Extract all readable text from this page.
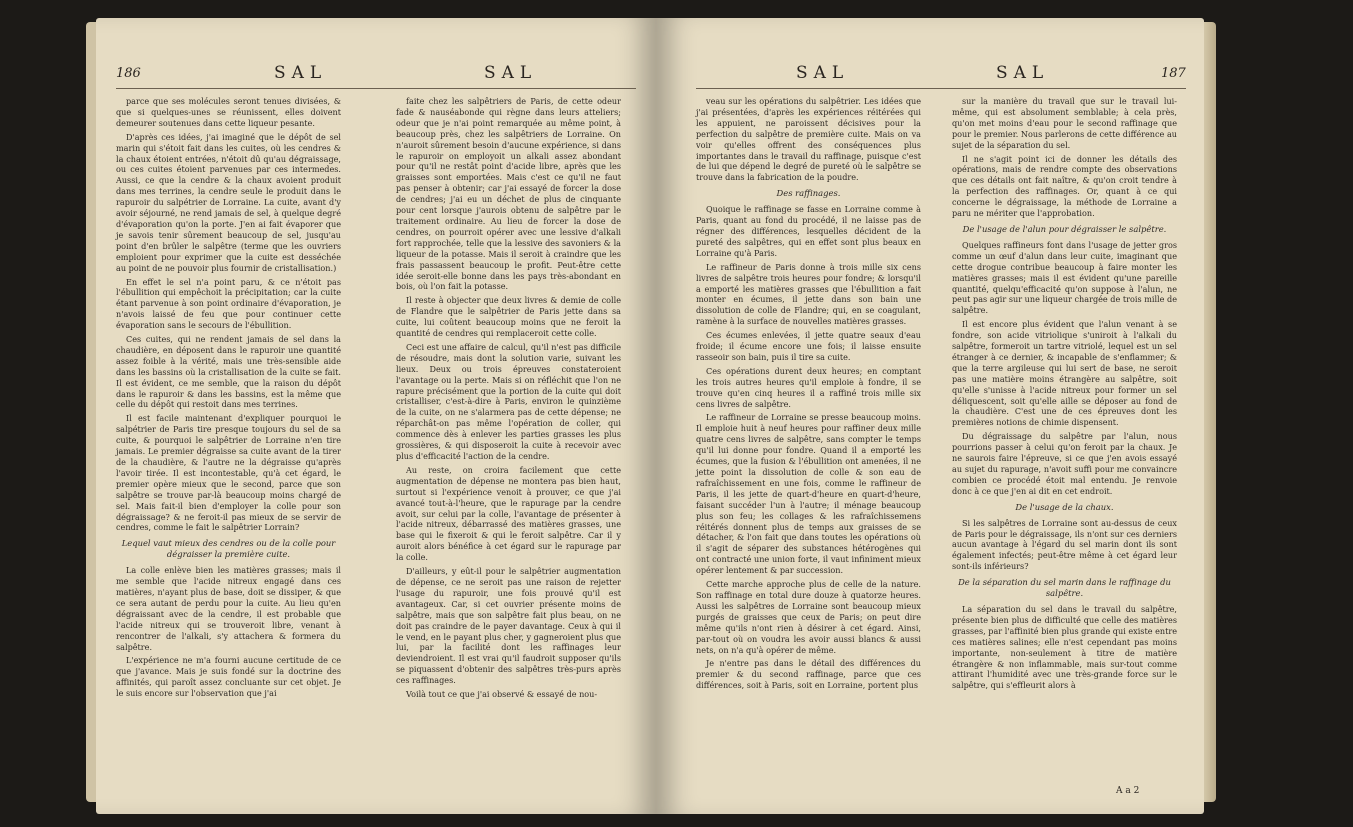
186	SAL	SAL

parce que ses molécules seront tenues divisées, & que si quelques-unes se réunissent, elles doivent demeurer soutenues dans cette liqueur pesante.

D'après ces idées, j'ai imaginé que le dépôt de sel marin qui s'étoit fait dans les cuites, où les cendres & la chaux étoient entrées, n'étoit dû qu'au dégraissage, ou ces cuites étoient parvenues par ces intermedes. Aussi, ce que la cendre & la chaux avoient produit dans mes terrines, la cendre seule le produit dans le rapuroir du salpétrier de Lorraine. La cuite, avant d'y avoir séjourné, ne rend jamais de sel, à quelque degré d'évaporation qu'on la porte. J'en ai fait évaporer que je savois tenir sûrement beaucoup de sel, jusqu'au point d'en brûler le salpêtre (terme que les ouvriers emploient pour exprimer que la cuite est desséchée au point de ne pouvoir plus fournir de cristallisation.)

En effet le sel n'a point paru, & ce n'étoit pas l'ébullition qui empêchoit la précipitation; car la cuite étant parvenue à son point ordinaire d'évaporation, je n'avois laissé de feu que pour continuer cette évaporation sans le secours de l'ébullition.

Ces cuites, qui ne rendent jamais de sel dans la chaudière, en déposent dans le rapuroir une quantité assez foible à la vérité, mais une très-sensible aide dans les bassins où la cristallisation de la cuite se fait. Il est évident, ce me semble, que la raison du dépôt dans le rapuroir & dans les bassins, est la même que celle du dépôt qui restoit dans mes terrines.

Il est facile maintenant d'expliquer pourquoi le salpétrier de Paris tire presque toujours du sel de sa cuite, & pourquoi le salpêtrier de Lorraine n'en tire jamais. Le premier dégraisse sa cuite avant de la tirer de la chaudière, & l'autre ne la dégraisse qu'après l'avoir tirée. Il est incontestable, qu'à cet égard, le premier opère mieux que le second, parce que son salpêtre se trouve par-là beaucoup moins chargé de sel. Mais fait-il bien d'employer la colle pour son dégraissage? & ne feroit-il pas mieux de se servir de cendres, comme le fait le salpêtrier Lorrain?

Lequel vaut mieux des cendres ou de la colle pour dégraisser la première cuite.

La colle enlève bien les matières grasses; mais il me semble que l'acide nitreux engagé dans ces matières, n'ayant plus de base, doit se dissiper, & que ce sera autant de perdu pour la cuite. Au lieu qu'en dégraissant avec de la cendre, il est probable que l'acide nitreux qui se trouveroit libre, venant à rencontrer de l'alkali, s'y attachera & formera du salpêtre.

L'expérience ne m'a fourni aucune certitude de ce que j'avance. Mais je suis fondé sur la doctrine des affinités, qui paroît assez concluante sur cet objet. Je le suis encore sur l'observation que j'ai

faite chez les salpêtriers de Paris, de cette odeur fade & nauséabonde qui règne dans leurs atteliers; odeur que je n'ai point remarquée au même point, à beaucoup près, chez les salpêtriers de Lorraine. On n'auroit sûrement besoin d'aucune expérience, si dans le rapuroir on employoit un alkali assez abondant pour qu'il ne restât point d'acide libre, après que les graisses sont emportées. Mais c'est ce qu'il ne faut pas penser à obtenir; car j'ai essayé de forcer la dose de cendres; j'ai eu un déchet de plus de cinquante pour cent lorsque j'aurois obtenu de salpêtre par le traitement ordinaire. Au lieu de forcer la dose de cendres, on pourroit opérer avec une lessive d'alkali fort rapprochée, telle que la lessive des savoniers & la liqueur de la potasse. Mais il seroit à craindre que les frais passassent beaucoup le profit. Peut-être cette idée seroit-elle bonne dans les pays très-abondant en bois, où l'on fait la potasse.

Il reste à objecter que deux livres & demie de colle de Flandre que le salpêtrier de Paris jette dans sa cuite, lui coûtent beaucoup moins que ne feroit la quantité de cendres qui remplaceroit cette colle.

Ceci est une affaire de calcul, qu'il n'est pas difficile de résoudre, mais dont la solution varie, suivant les lieux. Deux ou trois épreuves constateroient l'avantage ou la perte. Mais si on réfléchit que l'on ne rapure précisément que la portion de la cuite qui doit cristalliser, c'est-à-dire à Paris, environ le quinzième de la cuite, on ne s'alarmera pas de cette dépense; ne réparchât-on pas même l'opération de coller, qui commence dès à enlever les parties grasses les plus grossières, & qui disposeroit la cuite à recevoir avec plus d'efficacité l'action de la cendre.

Au reste, on croira facilement que cette augmentation de dépense ne montera pas bien haut, surtout si l'expérience venoit à prouver, ce que j'ai avancé tout-à-l'heure, que le rapurage par la cendre avoit, sur celui par la colle, l'avantage de présenter à l'acide nitreux, débarrassé des matières grasses, une base qui le fixeroit & qui le feroit salpêtre. Car il y auroit alors bénéfice à cet égard sur le rapurage par la colle.

D'ailleurs, y eût-il pour le salpêtrier augmentation de dépense, ce ne seroit pas une raison de rejetter l'usage du rapuroir, une fois prouvé qu'il est avantageux. Car, si cet ouvrier présente moins de salpêtre, mais que son salpêtre fait plus beau, on ne doit pas craindre de le payer davantage. Ceux à qui il le vend, en le payant plus cher, y gagneroient plus que lui, par la facilité dont les raffinages leur deviendroient. Il est vrai qu'il faudroit supposer qu'ils se piquassent d'obtenir des salpêtres très-purs après ces raffinages.

Voilà tout ce que j'ai observé & essayé de nou-

SAL	SAL	187

veau sur les opérations du salpêtrier. Les idées que j'ai présentées, d'après les expériences réitérées qui les appuient, ne paroissent décisives pour la perfection du salpêtre de première cuite. Mais on va voir qu'elles offrent des conséquences plus importantes dans le travail du raffinage, puisque c'est de lui que dépend le degré de pureté où le salpêtre se trouve dans la fabrication de la poudre.

Des raffinages.

Quoique le raffinage se fasse en Lorraine comme à Paris, quant au fond du procédé, il ne laisse pas de régner des différences, lesquelles décident de la pureté des salpêtres, qui en effet sont plus beaux en Lorraine qu'à Paris.

Le raffineur de Paris donne à trois mille six cens livres de salpêtre trois heures pour fondre; & lorsqu'il a emporté les matières grasses que l'ébullition a fait monter en écumes, il jette dans son bain une dissolution de colle de Flandre; qui, en se coagulant, ramène à la surface de nouvelles matières grasses.

Ces écumes enlevées, il jette quatre seaux d'eau froide; il écume encore une fois; il laisse ensuite rasseoir son bain, puis il tire sa cuite.

Ces opérations durent deux heures; en comptant les trois autres heures qu'il emploie à fondre, il se trouve qu'en cinq heures il a raffiné trois mille six cens livres de salpêtre.

Le raffineur de Lorraine se presse beaucoup moins. Il emploie huit à neuf heures pour raffiner deux mille quatre cens livres de salpêtre, sans compter le temps qu'il lui donne pour fondre. Quand il a emporté les écumes, que la fusion & l'ébullition ont amenées, il ne jette point la dissolution de colle & son eau de rafraîchissement en une fois, comme le raffineur de Paris, il les jette de quart-d'heure en quart-d'heure, faisant succéder l'un à l'autre; il ménage beaucoup plus son feu; les collages & les rafraîchissemens réitérés donnent plus de temps aux graisses de se détacher, & l'on fait que dans toutes les opérations où il s'agit de séparer des substances hétérogènes qui ont contracté une union forte, il vaut infiniment mieux opérer lentement & par succession.

Cette marche approche plus de celle de la nature. Son raffinage en total dure douze à quatorze heures. Aussi les salpêtres de Lorraine sont beaucoup mieux purgés de graisses que ceux de Paris; on peut dire même qu'ils n'ont rien à désirer à cet égard. Ainsi, par-tout où on voudra les avoir aussi blancs & aussi nets, on n'a qu'à opérer de même.

Je n'entre pas dans le détail des différences du premier & du second raffinage, parce que ces différences, soit à Paris, soit en Lorraine, portent plus

sur la manière du travail que sur le travail lui-même, qui est absolument semblable; à cela près, qu'on met moins d'eau pour le second raffinage que pour le premier. Nous parlerons de cette différence au sujet de la séparation du sel.

Il ne s'agit point ici de donner les détails des opérations, mais de rendre compte des observations que ces détails ont fait naître, & qu'on croit tendre à la perfection des raffinages. Or, quant à ce qui concerne le dégraissage, la méthode de Lorraine a paru ne mériter que l'approbation.

De l'usage de l'alun pour dégraisser le salpêtre.

Quelques raffineurs font dans l'usage de jetter gros comme un œuf d'alun dans leur cuite, imaginant que cette drogue contribue beaucoup à faire monter les matières grasses; mais il est évident qu'une pareille quantité, quelqu'efficacité qu'on suppose à l'alun, ne peut pas agir sur une liqueur chargée de trois mille de salpêtre.

Il est encore plus évident que l'alun venant à se fondre, son acide vitriolique s'uniroit à l'alkali du salpêtre, formeroit un tartre vitriolé, lequel est un sel étranger à ce dernier, & incapable de s'enflammer; & que la terre argileuse qui lui sert de base, ne seroit pas une matière moins étrangère au salpêtre, soit qu'elle s'unisse à l'acide nitreux pour former un sel déliquescent, soit qu'elle aille se déposer au fond de la chaudière. C'est une de ces épreuves dont les premières notions de chimie dispensent.

Du dégraissage du salpêtre par l'alun, nous pourrions passer à celui qu'on feroit par la chaux. Je ne saurois faire l'épreuve, si ce que j'en avois essayé au sujet du rapurage, n'avoit suffi pour me convaincre combien ce procédé étoit mal entendu. Je renvoie donc à ce que j'en ai dit en cet endroit.

De l'usage de la chaux.

Si les salpêtres de Lorraine sont au-dessus de ceux de Paris pour le dégraissage, ils n'ont sur ces derniers aucun avantage à l'égard du sel marin dont ils sont également infectés; peut-être même à cet égard leur sont-ils inférieurs?

De la séparation du sel marin dans le raffinage du salpêtre.

La séparation du sel dans le travail du salpêtre, présente bien plus de difficulté que celle des matières grasses, par l'affinité bien plus grande qui existe entre ces matières salines; elle n'est cependant pas moins importante, non-seulement à titre de matière étrangère & non inflammable, mais sur-tout comme attirant l'humidité avec une très-grande force sur le salpêtre, qui s'effleurit alors à

A a 2
